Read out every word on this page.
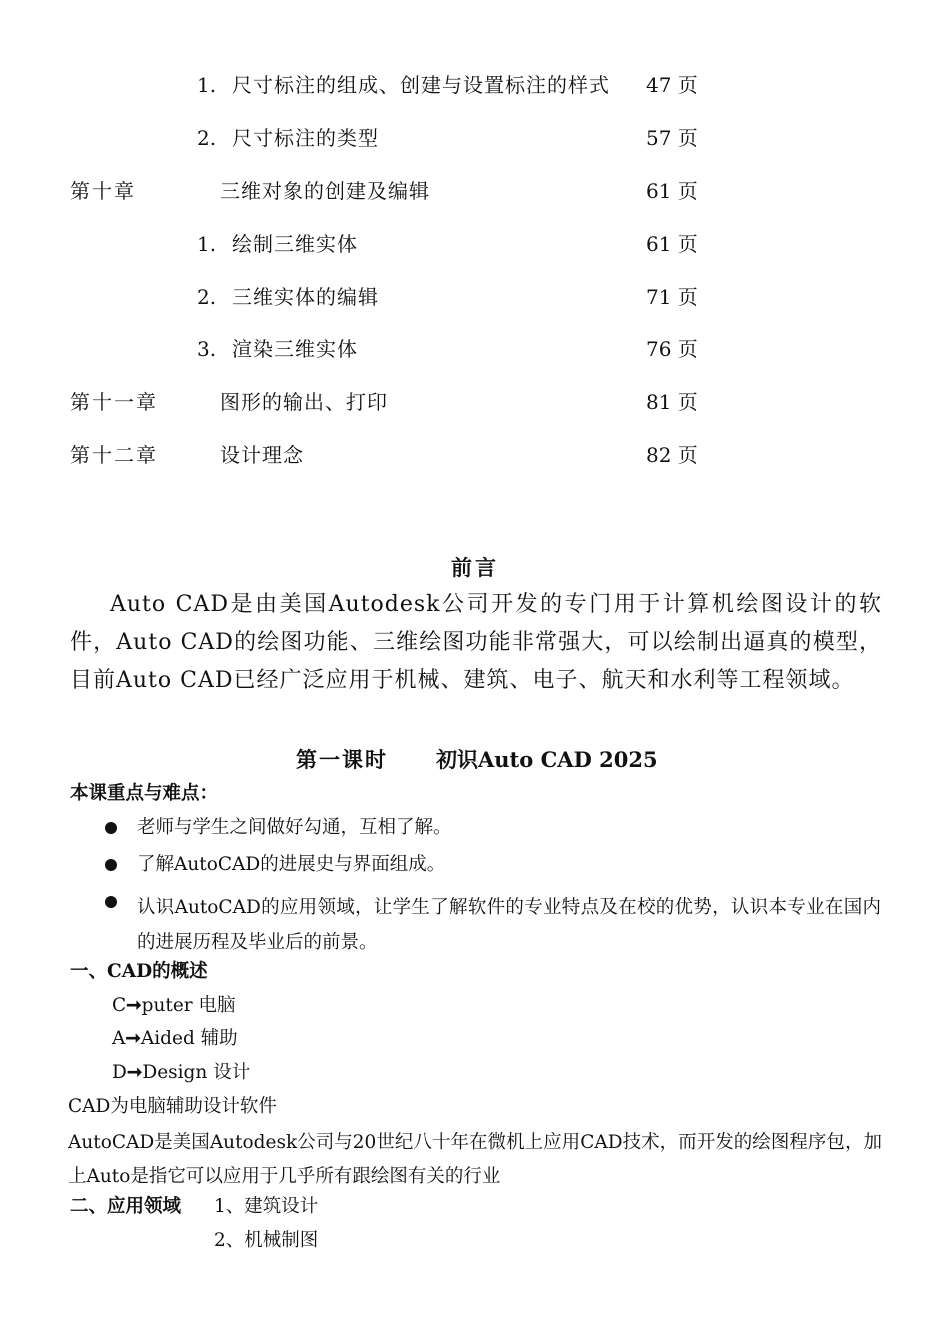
1. 尺寸标注的组成、创建与设置标注的样式 47 页
2. 尺寸标注的类型	57 页
第十章	三维对象的创建及编辑	61 页
1. 绘制三维实体	61 页
2. 三维实体的编辑	71 页
3. 渲染三维实体	76 页
第十一章	图形的输出、打印	81 页
第十二章	设计理念	82 页
前言
Auto CAD是由美国Autodesk公司开发的专门用于计算机绘图设计的软件，Auto CAD的绘图功能、三维绘图功能非常强大，可以绘制出逼真的模型，目前Auto CAD已经广泛应用于机械、建筑、电子、航天和水利等工程领域。
第一课时 初识Auto CAD 2025
本课重点与难点：
老师与学生之间做好勾通，互相了解。
了解AutoCAD的进展史与界面组成。
认识AutoCAD的应用领域，让学生了解软件的专业特点及在校的优势，认识本专业在国内的进展历程及毕业后的前景。
一、CAD的概述
C➞puter 电脑
A➞Aided 辅助
D➞Design 设计
CAD为电脑辅助设计软件
AutoCAD是美国Autodesk公司与20世纪八十年在微机上应用CAD技术，而开发的绘图程序包，加上Auto是指它可以应用于几乎所有跟绘图有关的行业
二、应用领域 1、建筑设计
2、机械制图
